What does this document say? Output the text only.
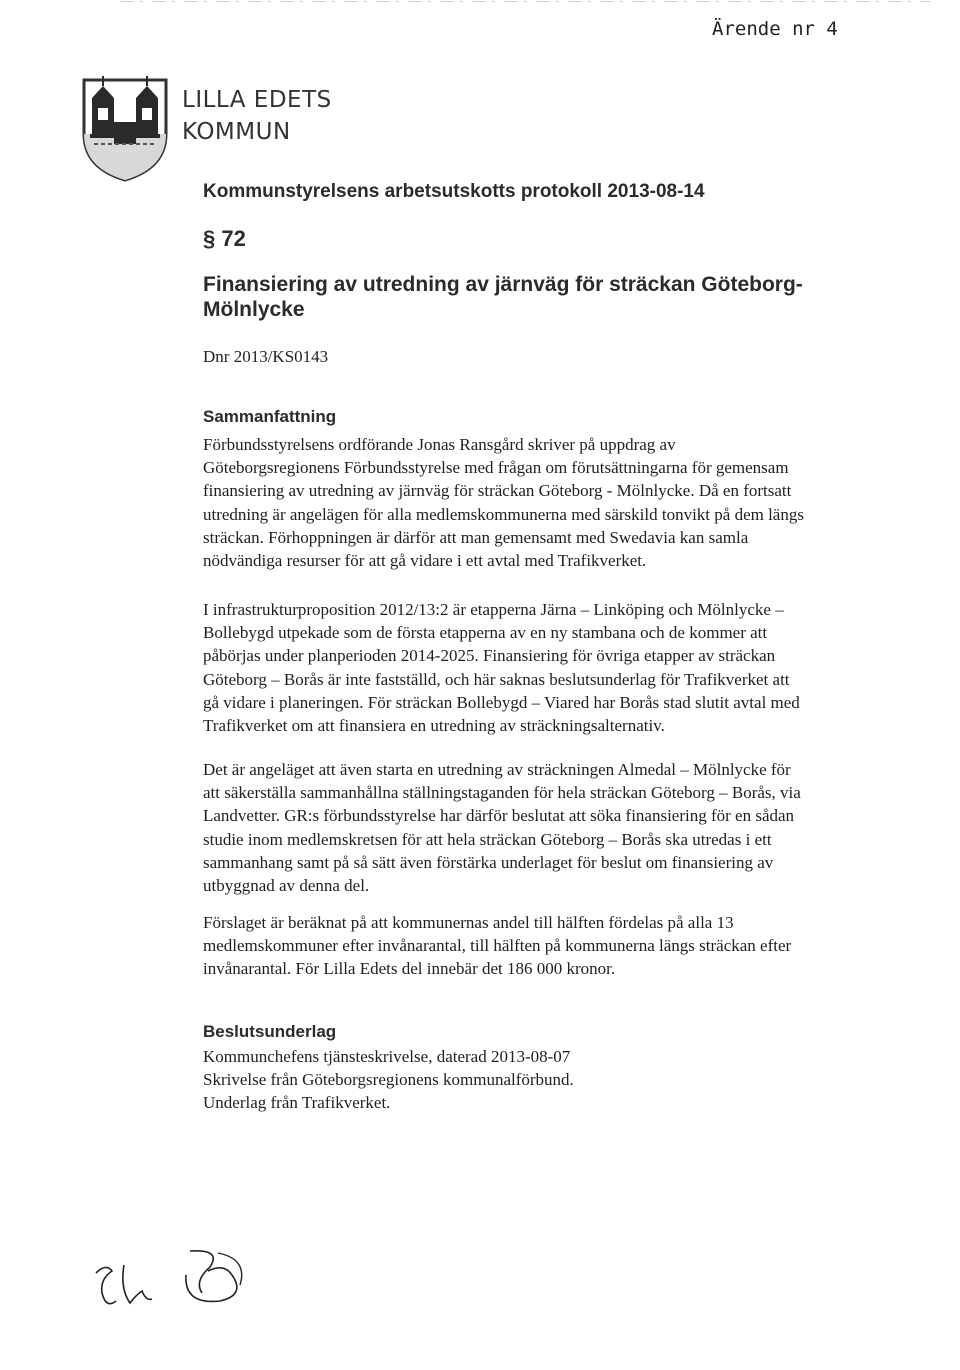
Ärende nr 4
LILLA EDETS
KOMMUN
Kommunstyrelsens arbetsutskotts protokoll 2013-08-14
§ 72
Finansiering av utredning av järnväg för sträckan Göteborg-Mölnlycke
Dnr 2013/KS0143
Sammanfattning

Förbundsstyrelsens ordförande Jonas Ransgård skriver på uppdrag av
Göteborgsregionens Förbundsstyrelse med frågan om förutsättningarna för gemensam
finansiering av utredning av järnväg för sträckan Göteborg - Mölnlycke. Då en fortsatt
utredning är angelägen för alla medlemskommunerna med särskild tonvikt på dem längs
sträckan. Förhoppningen är därför att man gemensamt med Swedavia kan samla
nödvändiga resurser för att gå vidare i ett avtal med Trafikverket.

I infrastrukturproposition 2012/13:2 är etapperna Järna – Linköping och Mölnlycke –
Bollebygd utpekade som de första etapperna av en ny stambana och de kommer att
påbörjas under planperioden 2014-2025. Finansiering för övriga etapper av sträckan
Göteborg – Borås är inte fastställd, och här saknas beslutsunderlag för Trafikverket att
gå vidare i planeringen. För sträckan Bollebygd – Viared har Borås stad slutit avtal med
Trafikverket om att finansiera en utredning av sträckningsalternativ.

Det är angeläget att även starta en utredning av sträckningen Almedal – Mölnlycke för
att säkerställa sammanhållna ställningstaganden för hela sträckan Göteborg – Borås, via
Landvetter. GR:s förbundsstyrelse har därför beslutat att söka finansiering för en sådan
studie inom medlemskretsen för att hela sträckan Göteborg – Borås ska utredas i ett
sammanhang samt på så sätt även förstärka underlaget för beslut om finansiering av
utbyggnad av denna del.

Förslaget är beräknat på att kommunernas andel till hälften fördelas på alla 13
medlemskommuner efter invånarantal, till hälften på kommunerna längs sträckan efter
invånarantal. För Lilla Edets del innebär det 186 000 kronor.

Beslutsunderlag

Kommunchefens tjänsteskrivelse, daterad 2013-08-07
Skrivelse från Göteborgsregionens kommunalförbund.
Underlag från Trafikverket.
